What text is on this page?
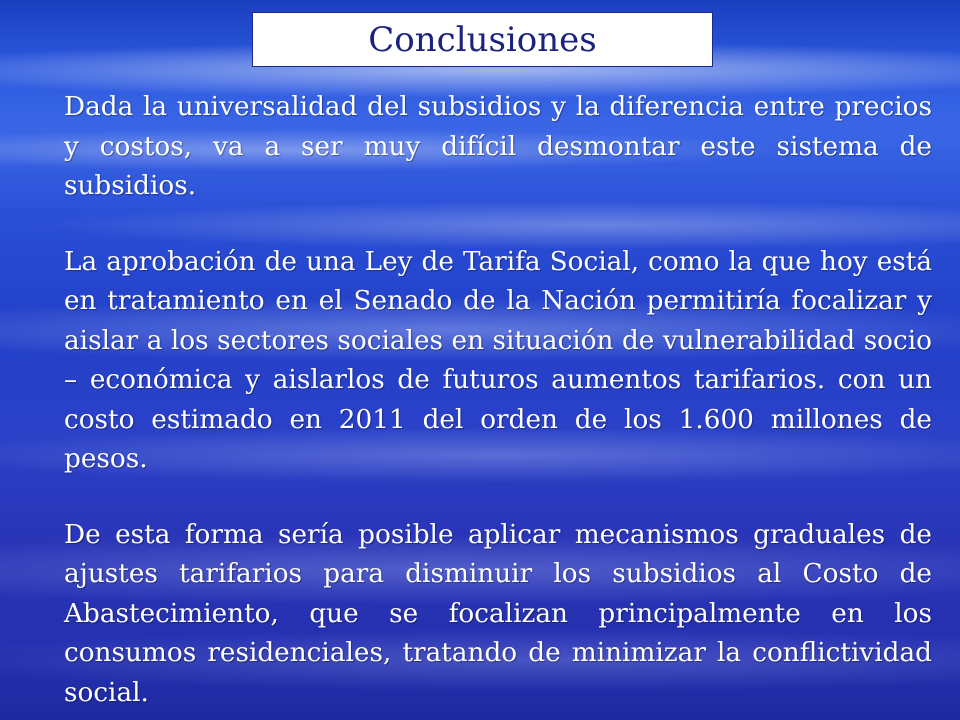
Conclusiones

Dada la universalidad del subsidios y la diferencia entre precios y costos, va a ser muy difícil desmontar este sistema de subsidios.

La aprobación de una Ley de Tarifa Social, como la que hoy está en tratamiento en el Senado de la Nación permitiría focalizar y aislar a los sectores sociales en situación de vulnerabilidad socio – económica y aislarlos de futuros aumentos tarifarios. con un costo estimado en 2011 del orden de los 1.600 millones de pesos.

De esta forma sería posible aplicar mecanismos graduales de ajustes tarifarios para disminuir los subsidios al Costo de Abastecimiento, que se focalizan principalmente en los consumos residenciales, tratando de minimizar la conflictividad social.
